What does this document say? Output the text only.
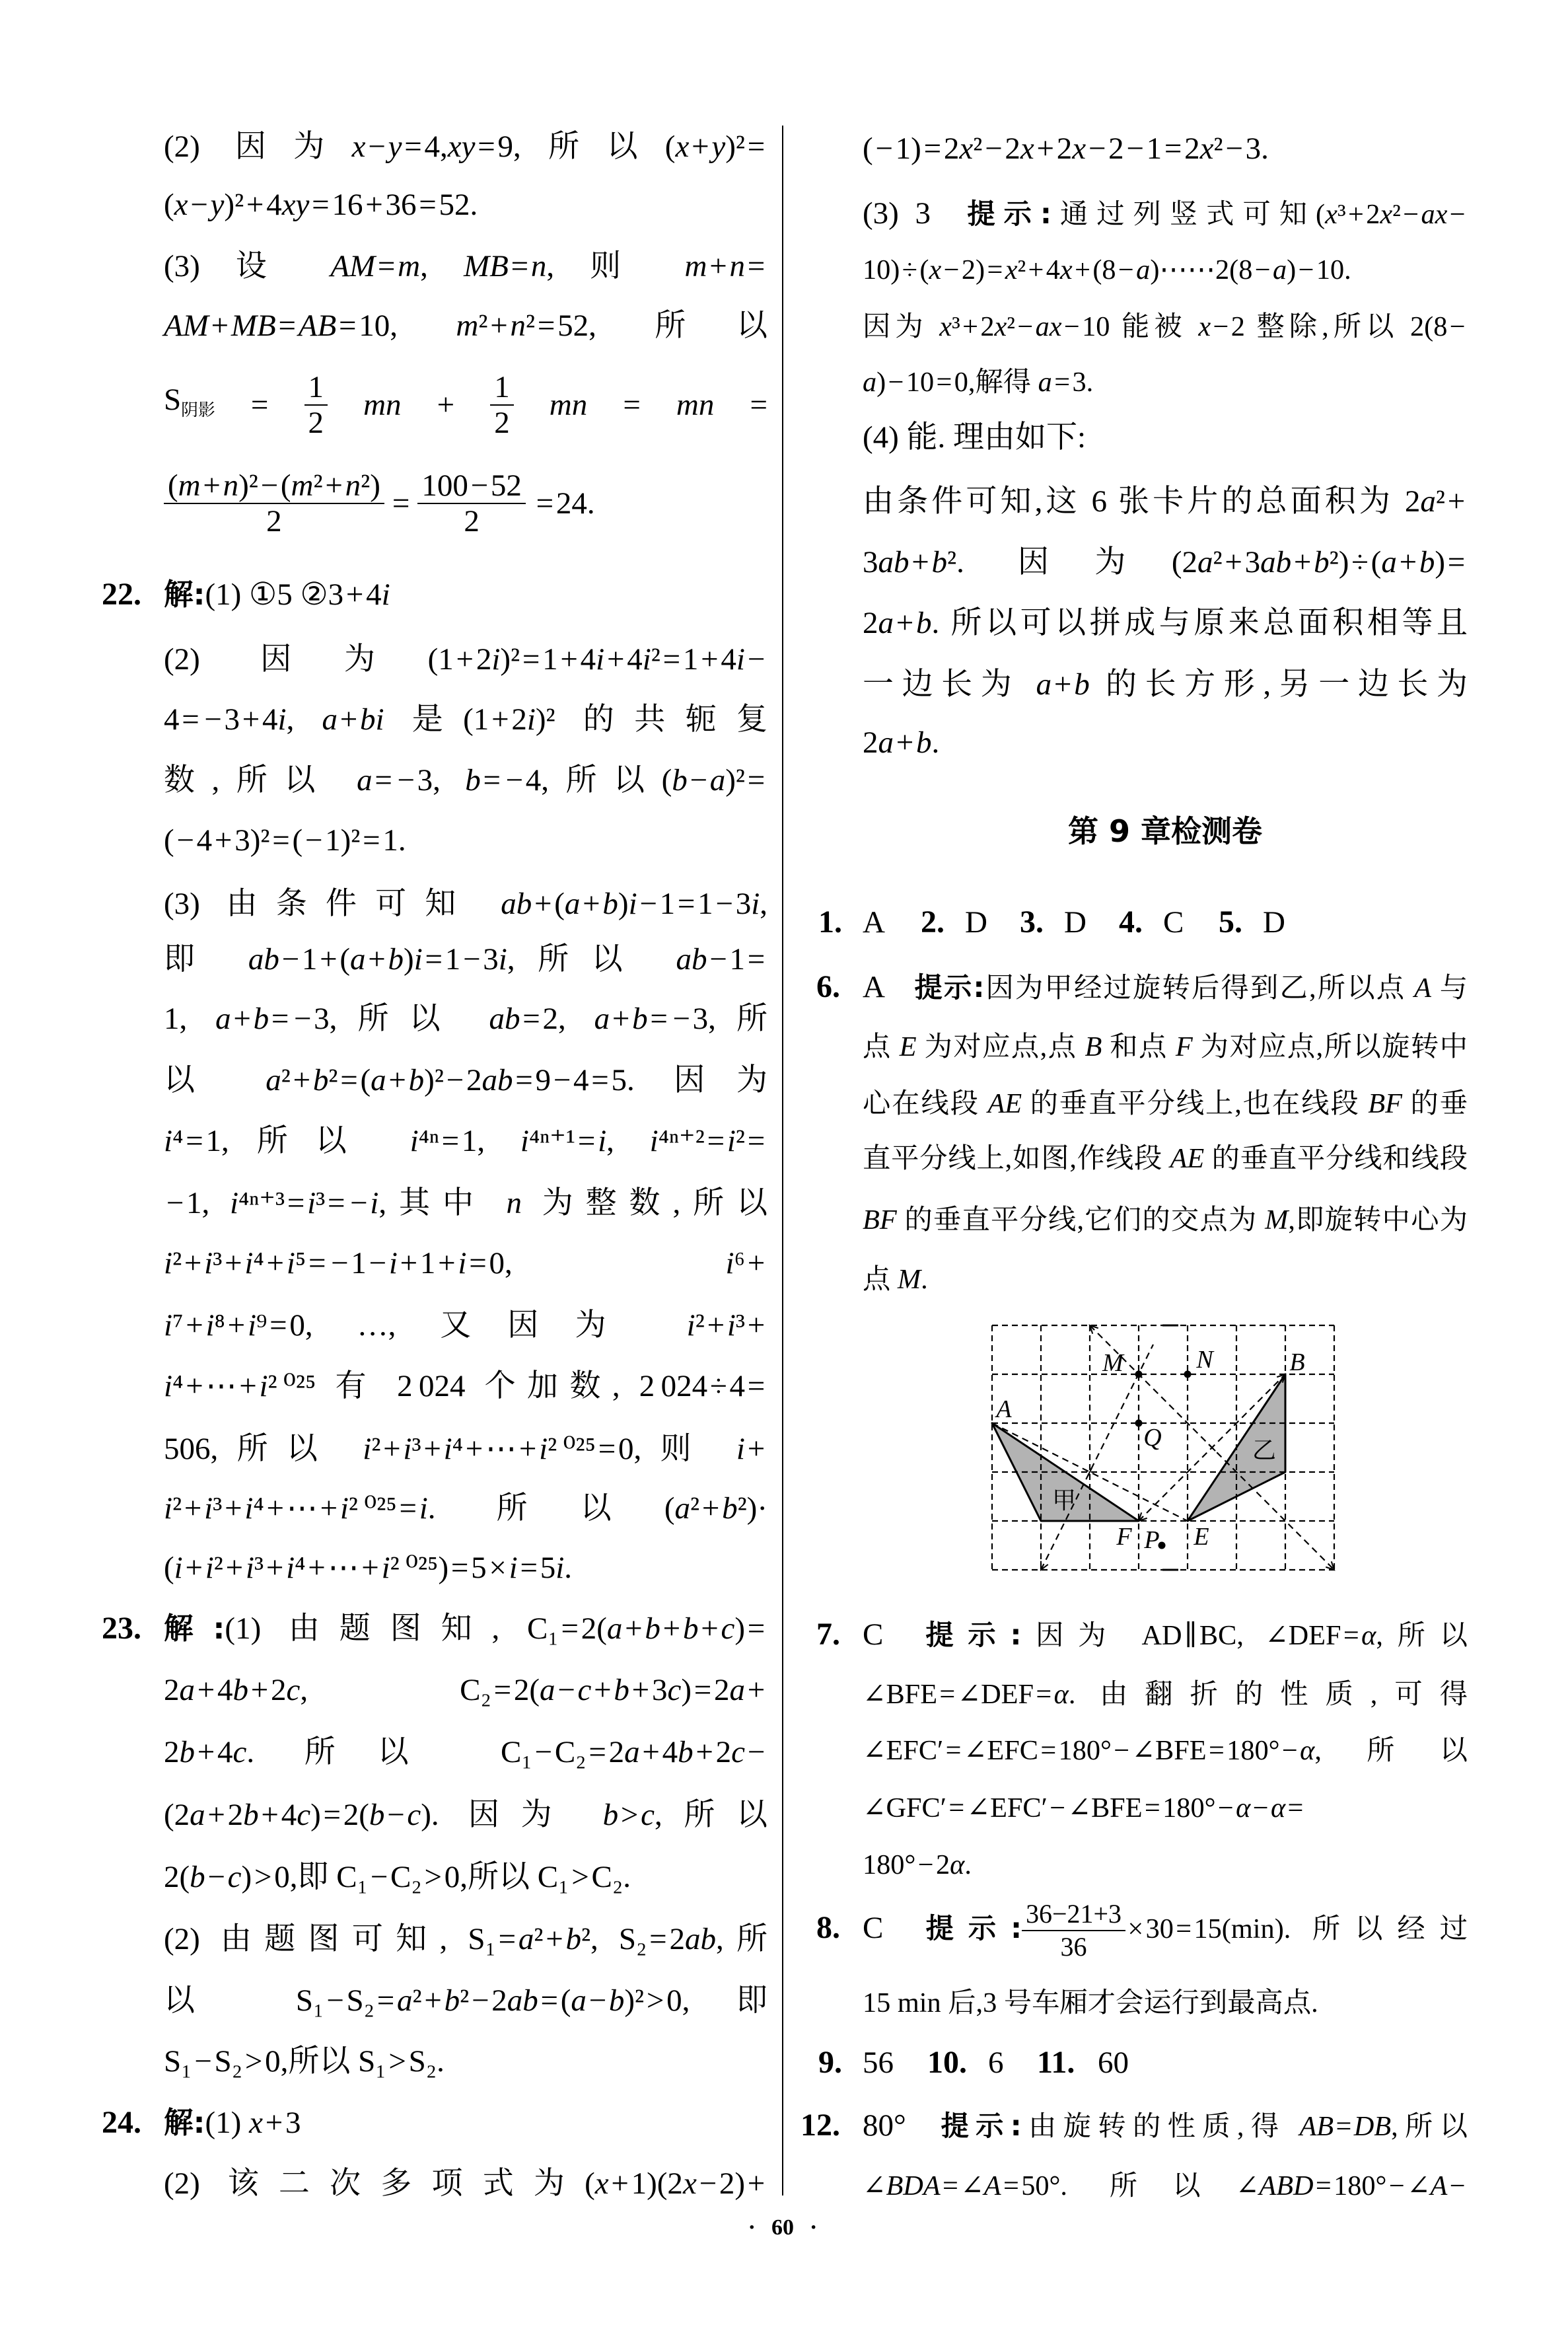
(2) 因为x−y=4,xy=9,所以(x+y)²=
(x−y)²+4xy=16+36=52.
(3) 设 AM=m, MB=n, 则 m+n=
AM+MB=AB=10, m²+n²=52, 所以
S阴影 = $\frac{1}{2}$ mn + $\frac{1}{2}$ mn = mn =
$\frac{\text{(m+n)²−(m²+n²)}}{2} = \frac{100-52}{2} =24$.
22. 解:(1) ①5 ②3+4i
(2) 因为(1+2i)²=1+4i+4i²=1+4i−
4= −3+4i, a+bi 是(1+2i)² 的共轭复
数,所以 a= −3, b= −4,所以(b−a)²=
(−4+3)²=(−1)²=1.
(3) 由条件可知 ab+(a+b)i−1=1−3i,
即 ab−1+(a+b)i=1−3i,所以 ab−1=
1, a+b= −3,所以 ab=2, a+b= −3,所
以 a²+b²=(a+b)²−2ab=9−4=5. 因为
i⁴=1,所以 i⁴ⁿ=1, i⁴ⁿ⁺¹=i, i⁴ⁿ⁺²=i²=
−1, i⁴ⁿ⁺³=i³= −i,其中 n 为整数,所以
i²+i³+i⁴+i⁵= −1−i+1+i=0, i⁶+
i⁷+i⁸+i⁹=0, …, 又因为 i²+i³+
i⁴+⋯+i² ⁰²⁵ 有 2 024 个加数, 2 024÷4=
506,所以 i²+i³+i⁴+⋯+i² ⁰²⁵=0,则 i+
i²+i³+i⁴+⋯+i² ⁰²⁵=i. 所以(a²+b²)·
(i+i²+i³+i⁴+⋯+i² ⁰²⁵)=5×i=5i.
23. 解:(1) 由题图知, C₁=2(a+b+b+c)=
2a+4b+2c, C₂=2(a−c+b+3c)=2a+
2b+4c. 所以 C₁−C₂=2a+4b+2c−
(2a+2b+4c)=2(b−c). 因为 b>c,所以
2(b−c)>0,即 C₁−C₂>0,所以 C₁>C₂.
(2) 由题图可知, S₁=a²+b², S₂=2ab,所
以 S₁−S₂=a²+b²−2ab=(a−b)²>0,即
S₁−S₂>0,所以 S₁>S₂.
24. 解:(1) x+3
(2) 该二次多项式为(x+1)(2x−2)+
(−1)=2x²−2x+2x−2−1=2x²−3.
(3) 3 提示:通过列竖式可知(x³+2x²−ax−
10)÷(x−2)=x²+4x+(8−a)⋯⋯2(8−a)−10.
因为 x³+2x²−ax−10 能被 x−2 整除,所以 2(8−
a)−10=0,解得 a=3.
(4) 能. 理由如下:
由条件可知,这 6 张卡片的总面积为 2a²+
3ab+b². 因为(2a²+3ab+b²)÷(a+b)=
2a+b. 所以可以拼成与原来总面积相等且
一边长为 a+b 的长方形,另一边长为
2a+b.
第 9 章检测卷
1. A 2. D 3. D 4. C 5. D
6. A 提示:因为甲经过旋转后得到乙,所以点 A 与
点 E 为对应点,点 B 和点 F 为对应点,所以旋转中
心在线段 AE 的垂直平分线上,也在线段 BF 的垂
直平分线上,如图,作线段 AE 的垂直平分线和线段
BF 的垂直平分线,它们的交点为 M,即旋转中心为
点 M.
A
B
M	N
Q
F P E
甲
乙
7. C 提示:因为 AD∥BC, ∠DEF=α,所以
∠BFE=∠DEF=α. 由翻折的性质,可得
∠EFC′=∠EFC=180°−∠BFE=180°−α,所以
∠GFC′=∠EFC′−∠BFE=180°−α−α=
180°−2α.
8. C 提示: $\frac{36-21+3}{36} \times 30=15(\min)$. 所以经过
15 min 后,3 号车厢才会运行到最高点.
9. 56 10. 6 11. 60
12. 80° 提示:由旋转的性质,得 AB=DB,所以
∠BDA=∠A=50°. 所以∠ABD=180°−∠A−
· 60 ·
